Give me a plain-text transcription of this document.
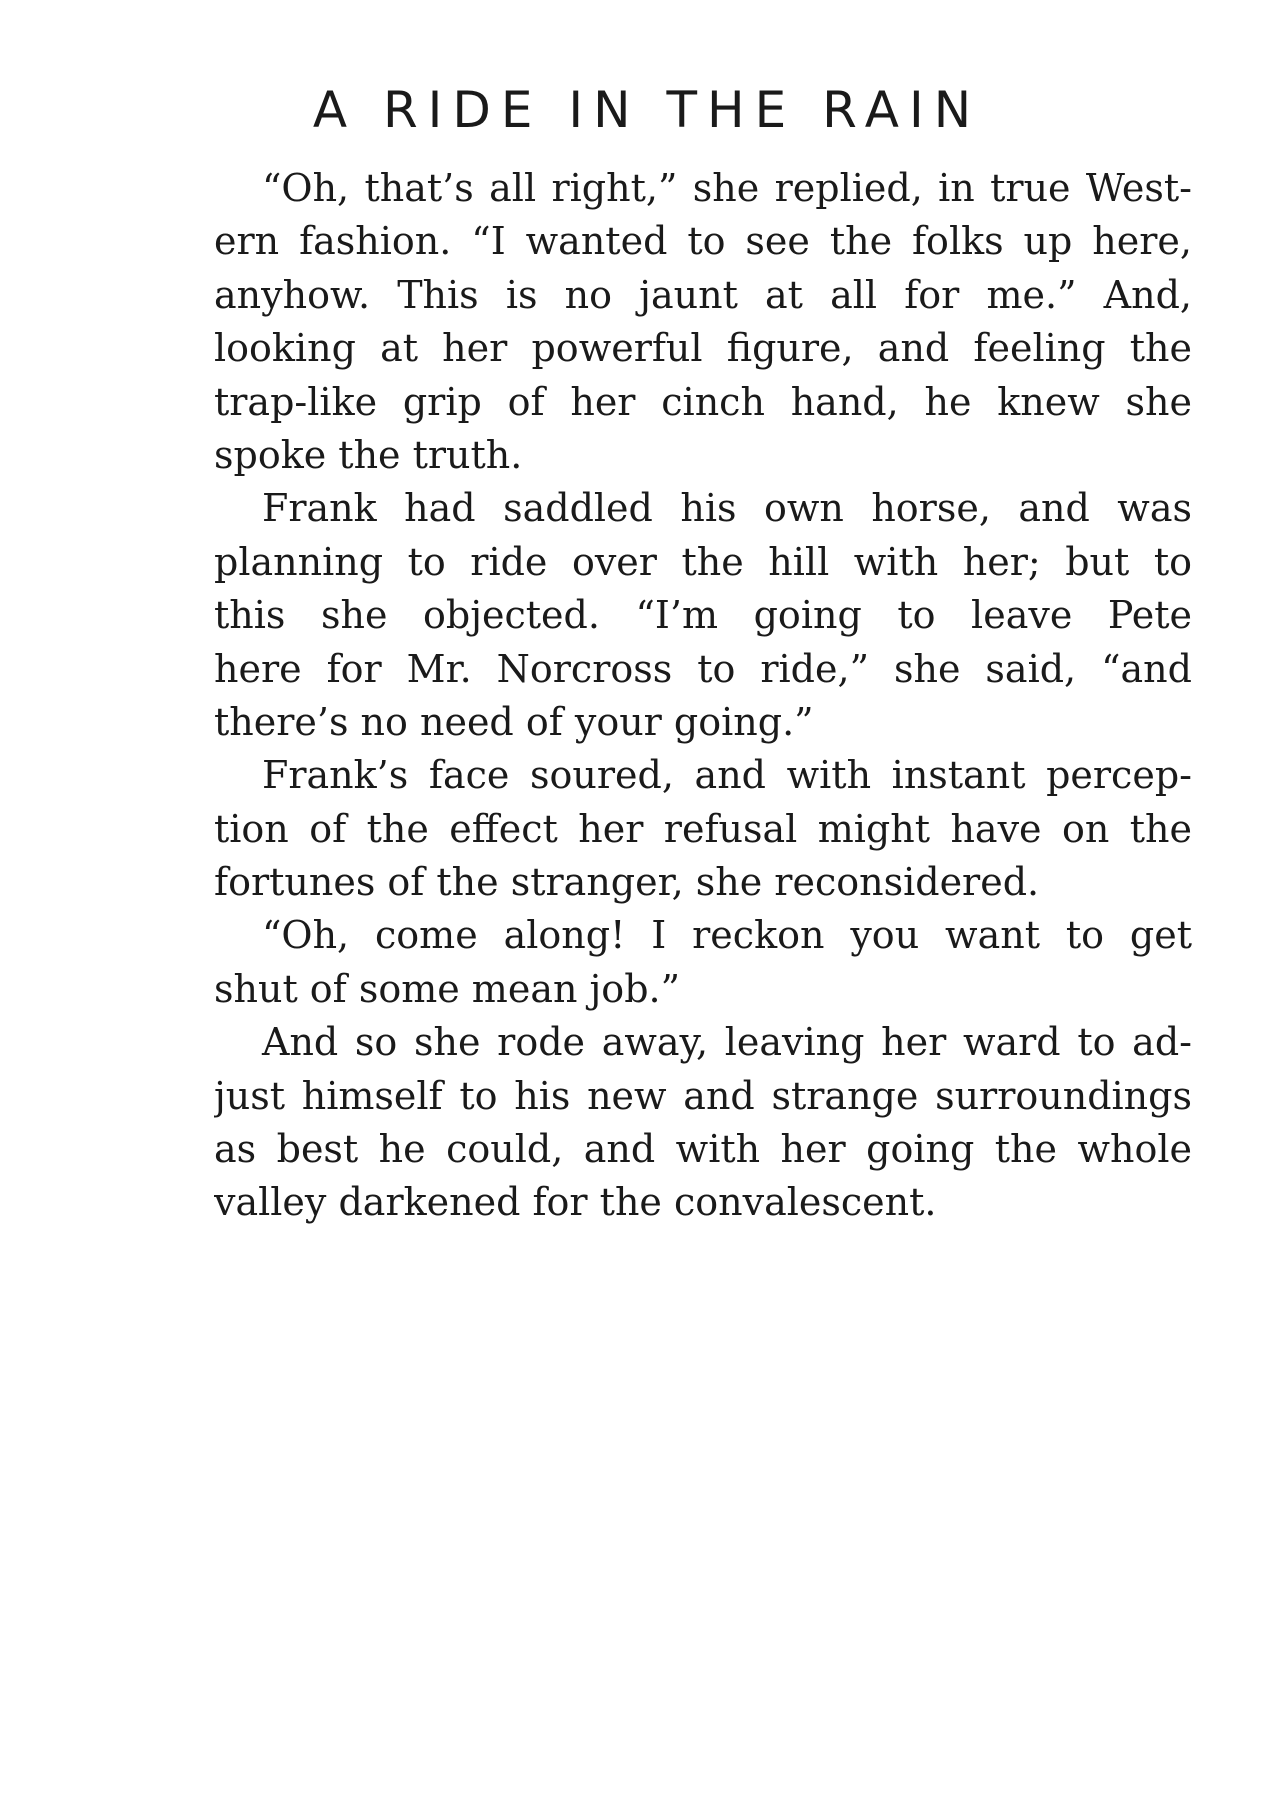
A RIDE IN THE RAIN
“Oh, that’s all right,” she replied, in true West-
ern fashion. “I wanted to see the folks up here,
anyhow. This is no jaunt at all for me.” And,
looking at her powerful figure, and feeling the
trap-like grip of her cinch hand, he knew she
spoke the truth.
Frank had saddled his own horse, and was
planning to ride over the hill with her; but to
this she objected. “I’m going to leave Pete
here for Mr. Norcross to ride,” she said, “and
there’s no need of your going.”
Frank’s face soured, and with instant percep-
tion of the effect her refusal might have on the
fortunes of the stranger, she reconsidered.
“Oh, come along! I reckon you want to get
shut of some mean job.”
And so she rode away, leaving her ward to ad-
just himself to his new and strange surroundings
as best he could, and with her going the whole
valley darkened for the convalescent.
